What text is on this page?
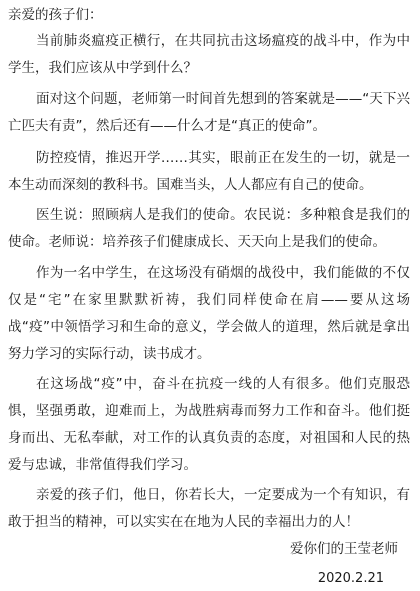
亲爱的孩子们：

当前肺炎瘟疫正横行，在共同抗击这场瘟疫的战斗中，作为中学生，我们应该从中学到什么？

面对这个问题，老师第一时间首先想到的答案就是——“天下兴亡匹夫有责”，然后还有——什么才是“真正的使命”。

防控疫情，推迟开学……其实，眼前正在发生的一切，就是一本生动而深刻的教科书。国难当头，人人都应有自己的使命。

医生说：照顾病人是我们的使命。农民说：多种粮食是我们的使命。老师说：培养孩子们健康成长、天天向上是我们的使命。

作为一名中学生，在这场没有硝烟的战役中，我们能做的不仅仅是“宅”在家里默默祈祷，我们同样使命在肩——要从这场战“疫”中领悟学习和生命的意义，学会做人的道理，然后就是拿出努力学习的实际行动，读书成才。

在这场战“疫”中，奋斗在抗疫一线的人有很多。他们克服恐惧，坚强勇敢，迎难而上，为战胜病毒而努力工作和奋斗。他们挺身而出、无私奉献，对工作的认真负责的态度，对祖国和人民的热爱与忠诚，非常值得我们学习。

亲爱的孩子们，他日，你若长大，一定要成为一个有知识，有敢于担当的精神，可以实实在在地为人民的幸福出力的人！

爱你们的王莹老师
2020.2.21
